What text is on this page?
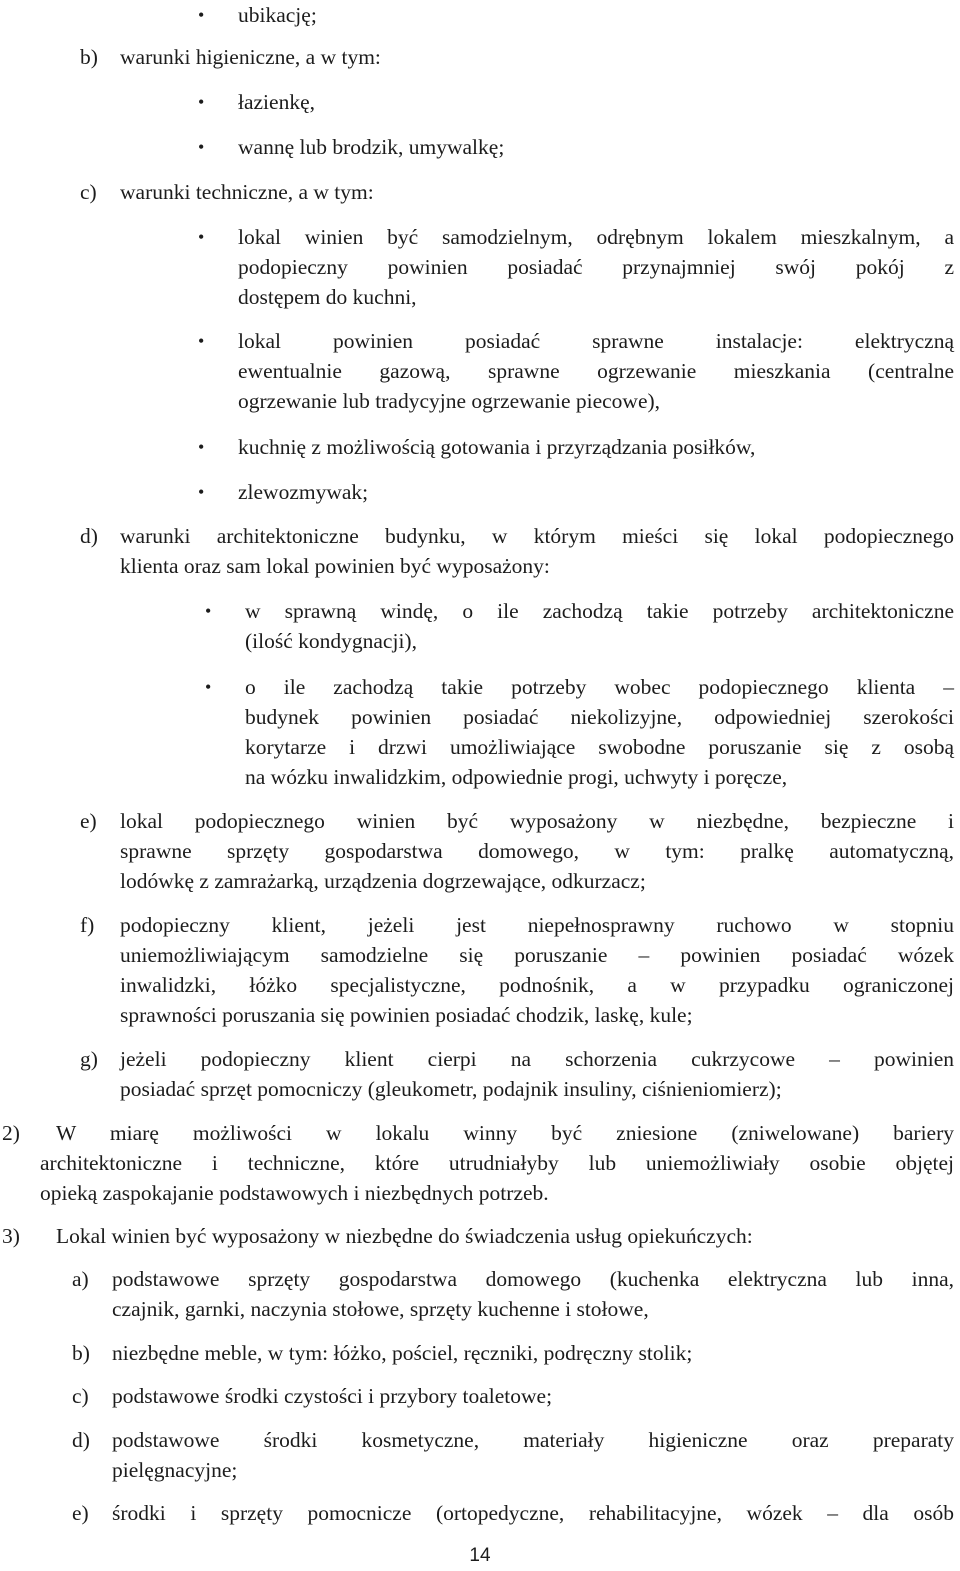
• ubikację;
b) warunki higieniczne, a w tym:
• łazienkę,
• wannę lub brodzik, umywalkę;
c) warunki techniczne, a w tym:
• lokal winien być samodzielnym, odrębnym lokalem mieszkalnym, a
podopieczny powinien posiadać przynajmniej swój pokój z
dostępem do kuchni,
• lokal powinien posiadać sprawne instalacje: elektryczną
ewentualnie gazową, sprawne ogrzewanie mieszkania (centralne
ogrzewanie lub tradycyjne ogrzewanie piecowe),
• kuchnię z możliwością gotowania i przyrządzania posiłków,
• zlewozmywak;
d) warunki architektoniczne budynku, w którym mieści się lokal podopiecznego
klienta oraz sam lokal powinien być wyposażony:
• w sprawną windę, o ile zachodzą takie potrzeby architektoniczne
(ilość kondygnacji),
• o ile zachodzą takie potrzeby wobec podopiecznego klienta –
budynek powinien posiadać niekolizyjne, odpowiedniej szerokości
korytarze i drzwi umożliwiające swobodne poruszanie się z osobą
na wózku inwalidzkim, odpowiednie progi, uchwyty i poręcze,
e) lokal podopiecznego winien być wyposażony w niezbędne, bezpieczne i
sprawne sprzęty gospodarstwa domowego, w tym: pralkę automatyczną,
lodówkę z zamrażarką, urządzenia dogrzewające, odkurzacz;
f) podopieczny klient, jeżeli jest niepełnosprawny ruchowo w stopniu
uniemożliwiającym samodzielne się poruszanie – powinien posiadać wózek
inwalidzki, łóżko specjalistyczne, podnośnik, a w przypadku ograniczonej
sprawności poruszania się powinien posiadać chodzik, laskę, kule;
g) jeżeli podopieczny klient cierpi na schorzenia cukrzycowe – powinien
posiadać sprzęt pomocniczy (gleukometr, podajnik insuliny, ciśnieniomierz);
2) W miarę możliwości w lokalu winny być zniesione (zniwelowane) bariery
architektoniczne i techniczne, które utrudniałyby lub uniemożliwiały osobie objętej
opieką zaspokajanie podstawowych i niezbędnych potrzeb.
3) Lokal winien być wyposażony w niezbędne do świadczenia usług opiekuńczych:
a) podstawowe sprzęty gospodarstwa domowego (kuchenka elektryczna lub inna,
czajnik, garnki, naczynia stołowe, sprzęty kuchenne i stołowe,
b) niezbędne meble, w tym: łóżko, pościel, ręczniki, podręczny stolik;
c) podstawowe środki czystości i przybory toaletowe;
d) podstawowe środki kosmetyczne, materiały higieniczne oraz preparaty
pielęgnacyjne;
e) środki i sprzęty pomocnicze (ortopedyczne, rehabilitacyjne, wózek – dla osób
14
